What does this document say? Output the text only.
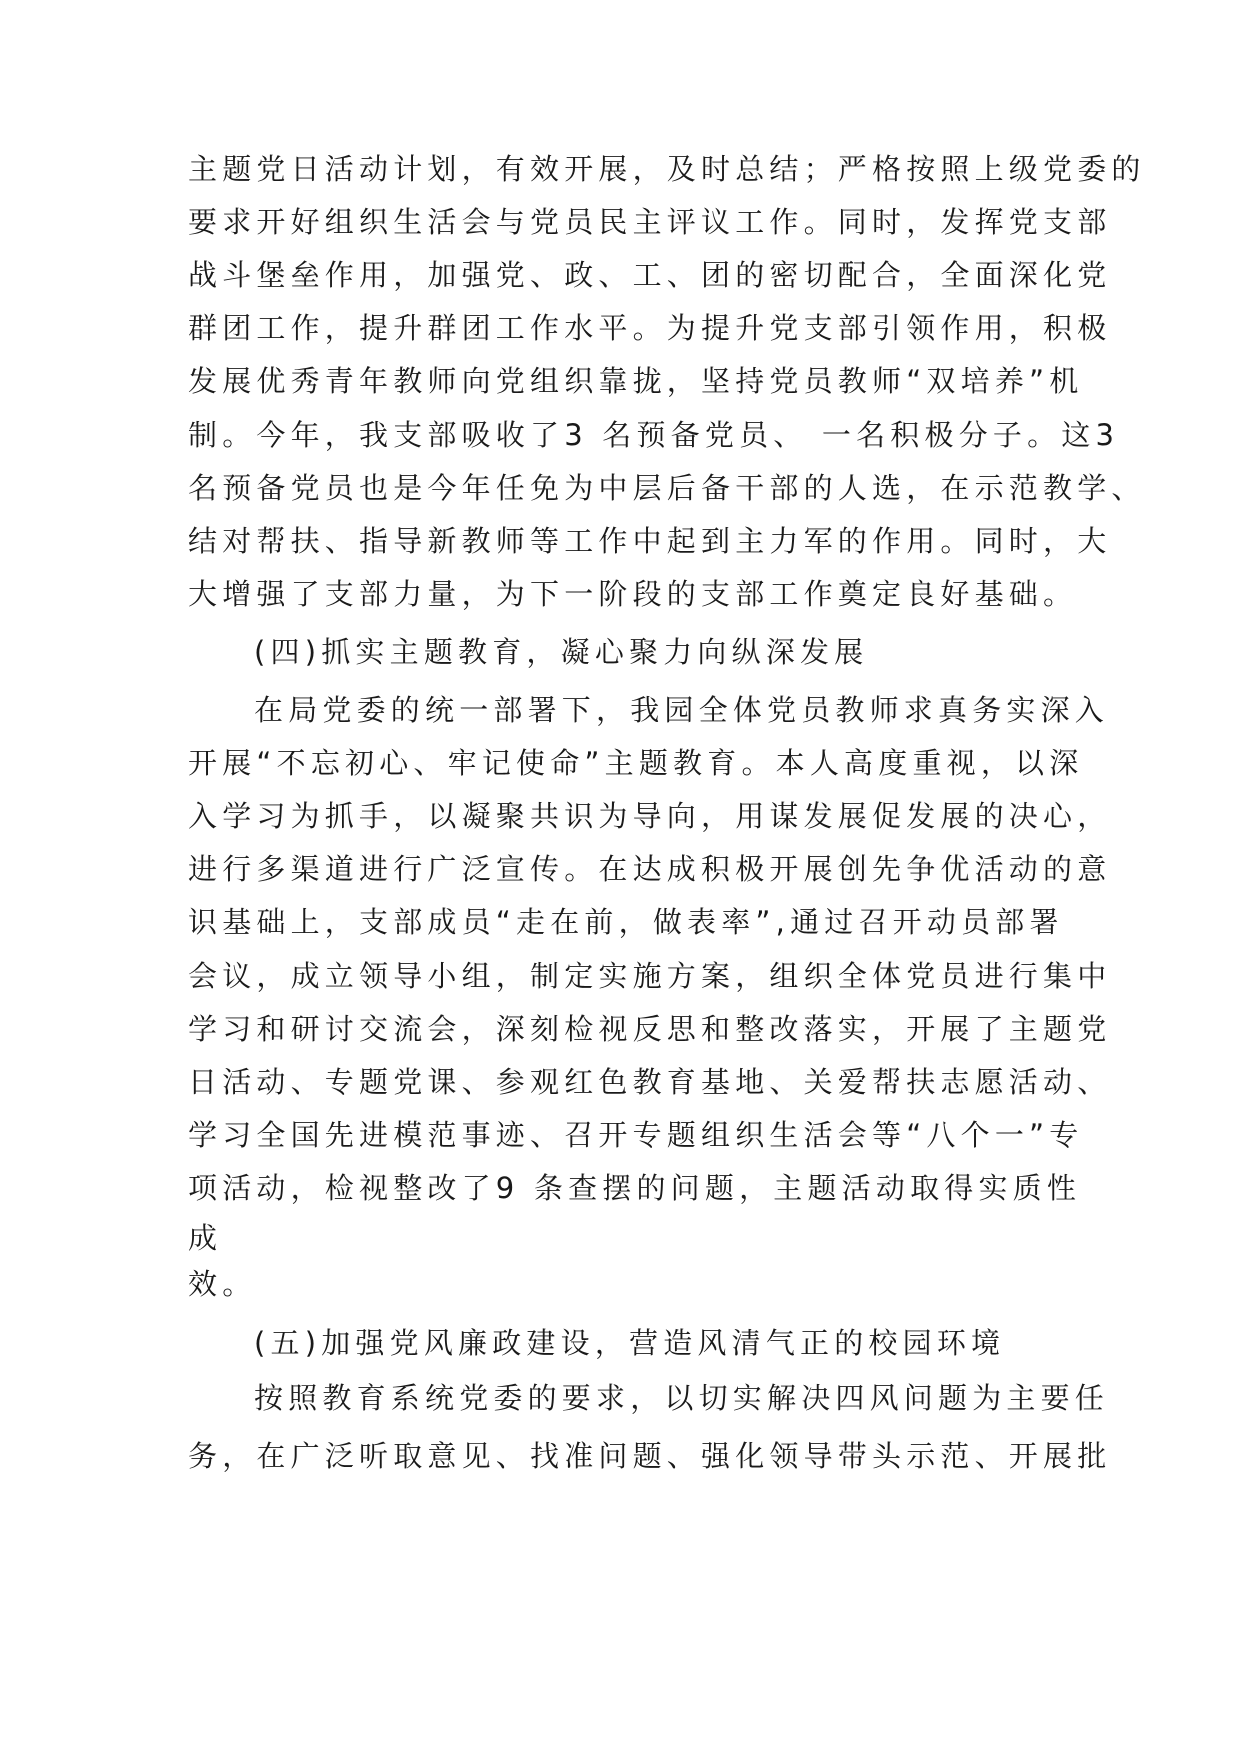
主题党日活动计划，有效开展，及时总结；严格按照上级党委的
要求开好组织生活会与党员民主评议工作。同时，发挥党支部
战斗堡垒作用，加强党、政、工、团的密切配合，全面深化党
群团工作，提升群团工作水平。为提升党支部引领作用，积极
发展优秀青年教师向党组织靠拢，坚持党员教师“双培养”机
制。今年，我支部吸收了3 名预备党员、 一名积极分子。这3
名预备党员也是今年任免为中层后备干部的人选，在示范教学、
结对帮扶、指导新教师等工作中起到主力军的作用。同时，大
大增强了支部力量，为下一阶段的支部工作奠定良好基础。
(四)抓实主题教育，凝心聚力向纵深发展
在局党委的统一部署下，我园全体党员教师求真务实深入
开展“不忘初心、牢记使命”主题教育。本人高度重视，以深
入学习为抓手，以凝聚共识为导向，用谋发展促发展的决心，
进行多渠道进行广泛宣传。在达成积极开展创先争优活动的意
识基础上，支部成员“走在前，做表率”,通过召开动员部署
会议，成立领导小组，制定实施方案，组织全体党员进行集中
学习和研讨交流会，深刻检视反思和整改落实，开展了主题党
日活动、专题党课、参观红色教育基地、关爱帮扶志愿活动、
学习全国先进模范事迹、召开专题组织生活会等“八个一”专
项活动，检视整改了9 条查摆的问题，主题活动取得实质性
成
效。
(五)加强党风廉政建设，营造风清气正的校园环境
按照教育系统党委的要求，以切实解决四风问题为主要任
务，在广泛听取意见、找准问题、强化领导带头示范、开展批
